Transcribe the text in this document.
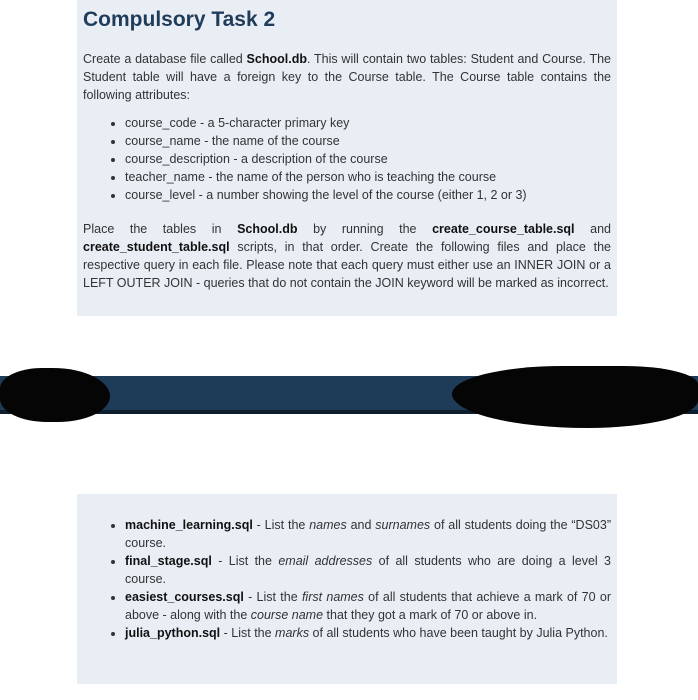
Compulsory Task 2

Create a database file called School.db. This will contain two tables: Student and Course. The Student table will have a foreign key to the Course table. The Course table contains the following attributes:

• course_code - a 5-character primary key
• course_name - the name of the course
• course_description - a description of the course
• teacher_name - the name of the person who is teaching the course
• course_level - a number showing the level of the course (either 1, 2 or 3)

Place the tables in School.db by running the create_course_table.sql and create_student_table.sql scripts, in that order. Create the following files and place the respective query in each file. Please note that each query must either use an INNER JOIN or a LEFT OUTER JOIN - queries that do not contain the JOIN keyword will be marked as incorrect.

• machine_learning.sql - List the names and surnames of all students doing the “DS03” course.
• final_stage.sql - List the email addresses of all students who are doing a level 3 course.
• easiest_courses.sql - List the first names of all students that achieve a mark of 70 or above - along with the course name that they got a mark of 70 or above in.
• julia_python.sql - List the marks of all students who have been taught by Julia Python.
